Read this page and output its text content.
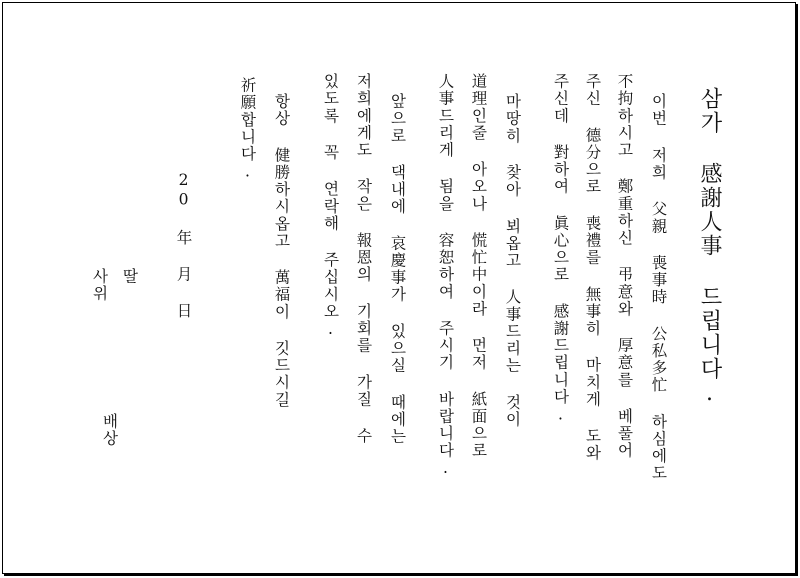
삼가 感謝人事 드립니다.
이번 저희 父親 喪事時 公私多忙 하심에도
不拘하시고 鄭重하신 弔意와 厚意를 베풀어
주신 德分으로 喪禮를 無事히 마치게 도와
주신데 對하여 眞心으로 感謝드립니다.
마땅히 찾아 뵈옵고 人事드리는 것이
道理인줄 아오나 慌忙中이라 먼저 紙面으로
人事드리게 됨을 容恕하여 주시기 바랍니다.
앞으로 댁내에 哀慶事가 있으실 때에는
저희에게도 작은 報恩의 기회를 가질 수
있도록 꼭 연락해 주십시오.
항상 健勝하시옵고 萬福이 깃드시길
祈願합니다.
20 年 月 日
딸
사위
배상
